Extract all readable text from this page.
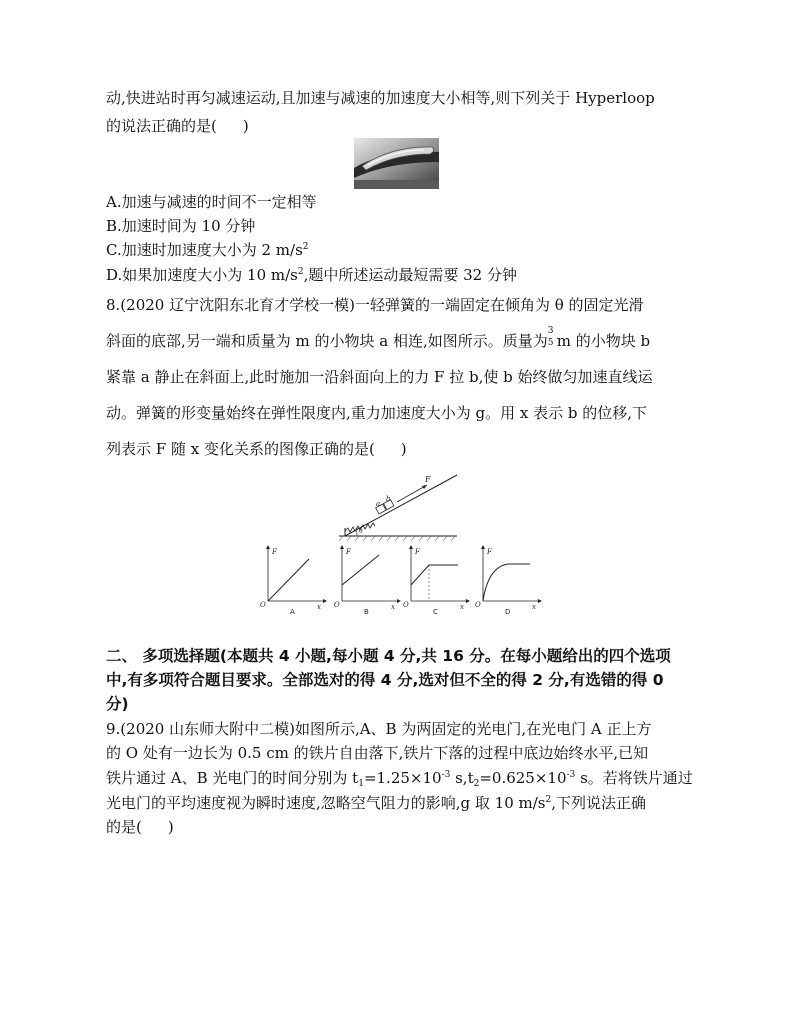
动,快进站时再匀减速运动,且加速与减速的加速度大小相等,则下列关于 Hyperloop
的说法正确的是( )
A.加速与减速的时间不一定相等
B.加速时间为 10 分钟
C.加速时加速度大小为 2 $m/s^2$
D.如果加速度大小为 10 $m/s^2$,题中所述运动最短需要 32 分钟
8.(2020 辽宁沈阳东北育才学校一模)一轻弹簧的一端固定在倾角为 θ 的固定光滑
斜面的底部,另一端和质量为 m 的小物块 a 相连,如图所示。质量为
3
5 m 的小物块 b
紧靠 a 静止在斜面上,此时施加一沿斜面向上的力 F 拉 b,使 b 始终做匀加速直线运
动。弹簧的形变量始终在弹性限度内,重力加速度大小为 g。用 x 表示 b 的位移,下
列表示 F 随 x 变化关系的图像正确的是( )
a
b
F
θ
F
O	x
A
F
O	x
B
F
O	x
C
F
O	x
D
二、 多项选择题(本题共 4 小题,每小题 4 分,共 16 分。在每小题给出的四个选项
中,有多项符合题目要求。全部选对的得 4 分,选对但不全的得 2 分,有选错的得 0
分)
9.(2020 山东师大附中二模)如图所示,A、B 为两固定的光电门,在光电门 A 正上方
的 O 处有一边长为 0.5 cm 的铁片自由落下,铁片下落的过程中底边始终水平,已知
铁片通过 A、B 光电门的时间分别为 $t_1=1.25\times 10^{-3}$ $s,t_2=0.625\times 10^{-3}$ s。若将铁片通过
光电门的平均速度视为瞬时速度,忽略空气阻力的影响,g 取 10 $m/s^2$,下列说法正确
的是( )
